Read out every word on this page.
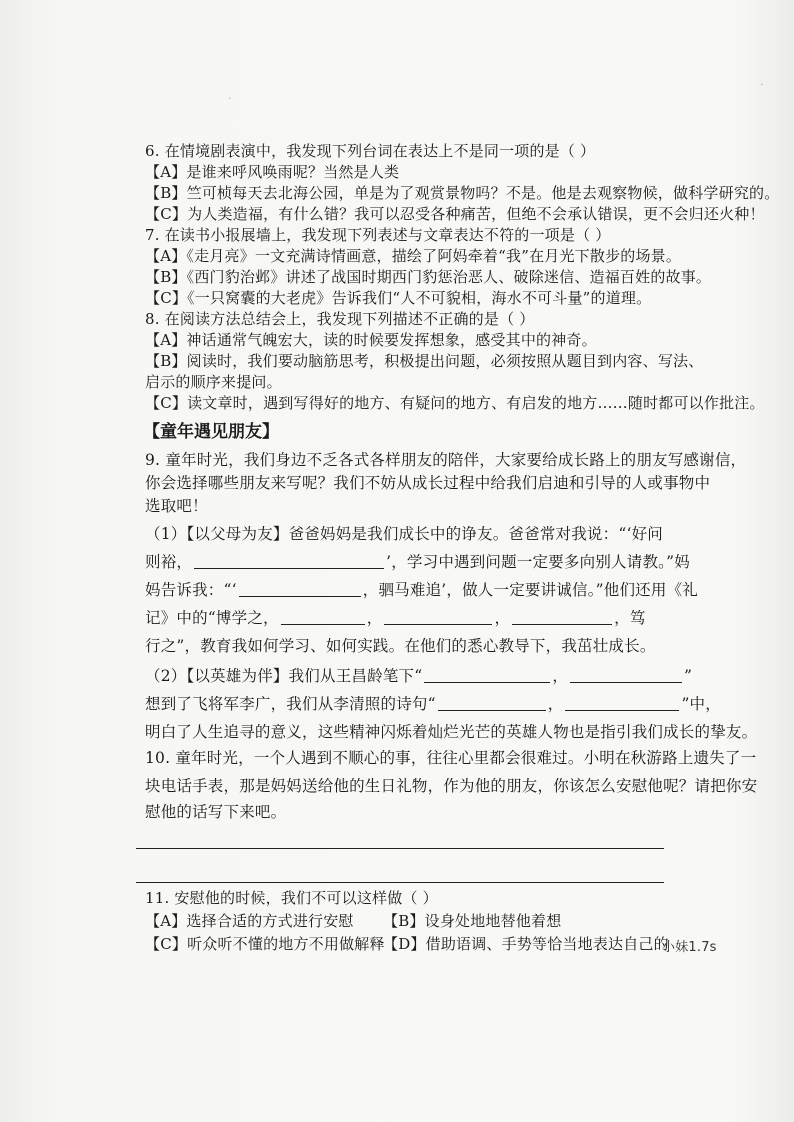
6. 在情境剧表演中，我发现下列台词在表达上不是同一项的是（ ）
【A】是谁来呼风唤雨呢？当然是人类
【B】竺可桢每天去北海公园，单是为了观赏景物吗？不是。他是去观察物候，做科学研究的。
【C】为人类造福，有什么错？我可以忍受各种痛苦，但绝不会承认错误，更不会归还火种！
7. 在读书小报展墙上，我发现下列表述与文章表达不符的一项是（ ）
【A】《走月亮》一文充满诗情画意，描绘了阿妈牵着“我”在月光下散步的场景。
【B】《西门豹治邺》讲述了战国时期西门豹惩治恶人、破除迷信、造福百姓的故事。
【C】《一只窝囊的大老虎》告诉我们“人不可貌相，海水不可斗量”的道理。
8. 在阅读方法总结会上，我发现下列描述不正确的是（ ）
【A】神话通常气魄宏大，读的时候要发挥想象，感受其中的神奇。
【B】阅读时，我们要动脑筋思考，积极提出问题，必须按照从题目到内容、写法、
启示的顺序来提问。
【C】读文章时，遇到写得好的地方、有疑问的地方、有启发的地方……随时都可以作批注。
【童年遇见朋友】
9. 童年时光，我们身边不乏各式各样朋友的陪伴，大家要给成长路上的朋友写感谢信，
你会选择哪些朋友来写呢？我们不妨从成长过程中给我们启迪和引导的人或事物中
选取吧！
（1）【以父母为友】爸爸妈妈是我们成长中的诤友。爸爸常对我说：“‘好问
则裕，	’，学习中遇到问题一定要多向别人请教。”妈
妈告诉我：“‘	，驷马难追’，做人一定要讲诚信。”他们还用《礼
记》中的“博学之，	，	，	，笃
行之”，教育我如何学习、如何实践。在他们的悉心教导下，我茁壮成长。
（2）【以英雄为伴】我们从王昌龄笔下“	，	”
想到了飞将军李广，我们从李清照的诗句“	，	”中，
明白了人生追寻的意义，这些精神闪烁着灿烂光芒的英雄人物也是指引我们成长的挚友。
10. 童年时光，一个人遇到不顺心的事，往往心里都会很难过。小明在秋游路上遗失了一
块电话手表，那是妈妈送给他的生日礼物，作为他的朋友，你该怎么安慰他呢？请把你安
慰他的话写下来吧。
11. 安慰他的时候，我们不可以这样做（ ）
【A】选择合适的方式进行安慰 【B】设身处地地替他着想
【C】听众听不懂的地方不用做解释
【D】借助语调、手势等恰当地表达自己的
小妹1.7s
·
·
